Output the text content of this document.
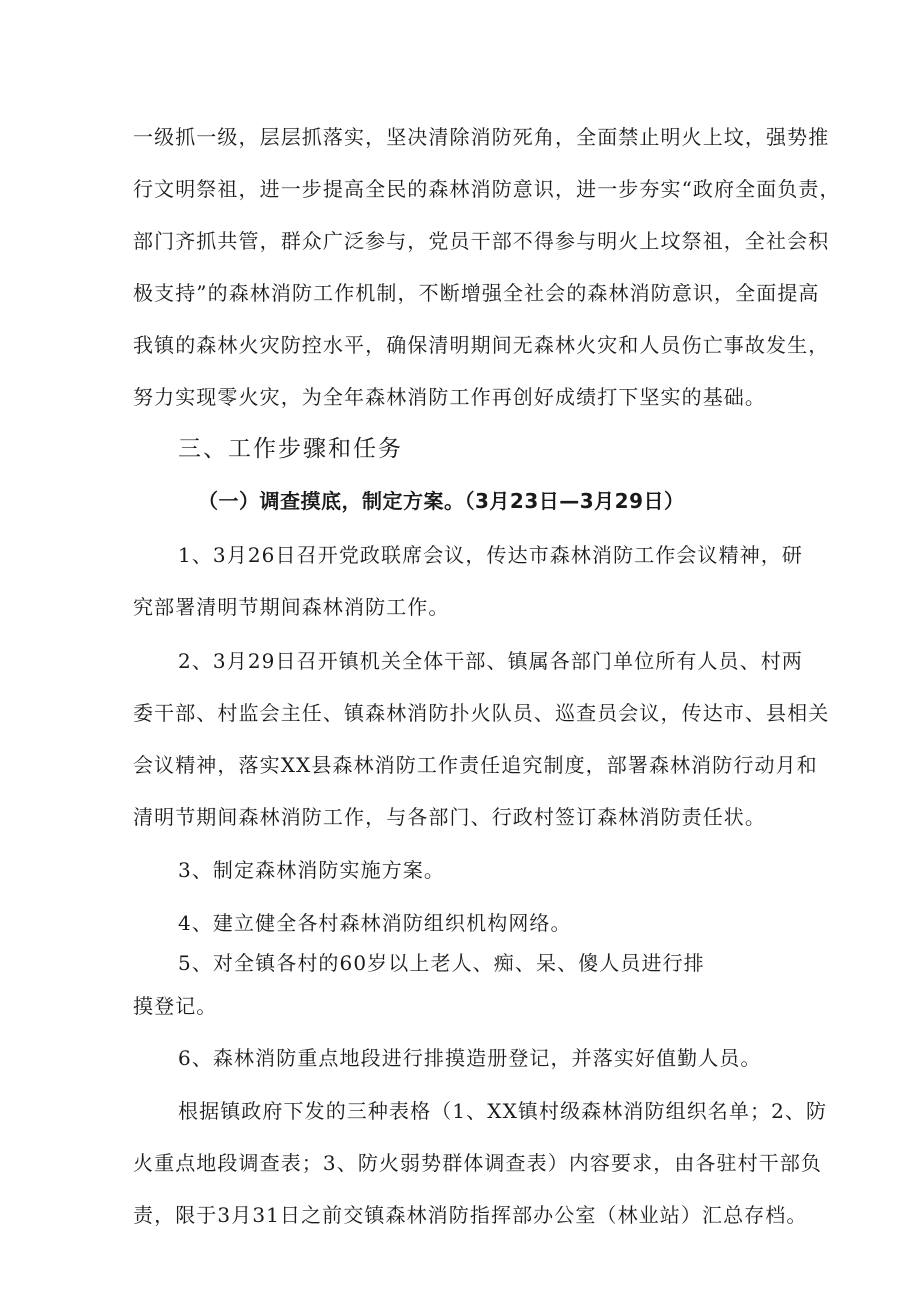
一级抓一级，层层抓落实，坚决清除消防死角，全面禁止明火上坟，强势推
行文明祭祖，进一步提高全民的森林消防意识，进一步夯实“政府全面负责，
部门齐抓共管，群众广泛参与，党员干部不得参与明火上坟祭祖，全社会积
极支持”的森林消防工作机制，不断增强全社会的森林消防意识，全面提高
我镇的森林火灾防控水平，确保清明期间无森林火灾和人员伤亡事故发生，
努力实现零火灾，为全年森林消防工作再创好成绩打下坚实的基础。
三、工作步骤和任务
（一）调查摸底，制定方案。（3月23日—3月29日）
1、3月26日召开党政联席会议，传达市森林消防工作会议精神，研
究部署清明节期间森林消防工作。
2、3月29日召开镇机关全体干部、镇属各部门单位所有人员、村两
委干部、村监会主任、镇森林消防扑火队员、巡查员会议，传达市、县相关
会议精神，落实XX县森林消防工作责任追究制度，部署森林消防行动月和
清明节期间森林消防工作，与各部门、行政村签订森林消防责任状。
3、制定森林消防实施方案。
4、建立健全各村森林消防组织机构网络。
5、对全镇各村的60岁以上老人、痴、呆、傻人员进行排
摸登记。
6、森林消防重点地段进行排摸造册登记，并落实好值勤人员。
根据镇政府下发的三种表格（1、XX镇村级森林消防组织名单；2、防
火重点地段调查表；3、防火弱势群体调查表）内容要求，由各驻村干部负
责，限于3月31日之前交镇森林消防指挥部办公室（林业站）汇总存档。
